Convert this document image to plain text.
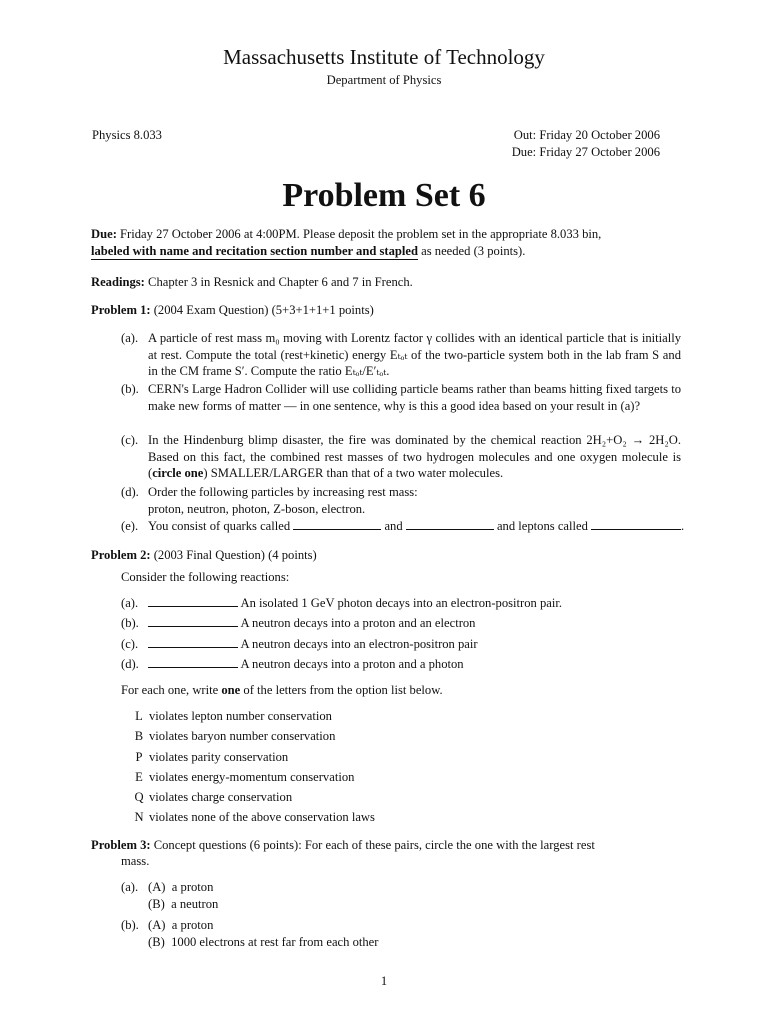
Massachusetts Institute of Technology
Department of Physics
Physics 8.033	Out: Friday 20 October 2006
Due: Friday 27 October 2006
Problem Set 6
Due: Friday 27 October 2006 at 4:00PM. Please deposit the problem set in the appropriate 8.033 bin,
labeled with name and recitation section number and stapled as needed (3 points).
Readings: Chapter 3 in Resnick and Chapter 6 and 7 in French.
Problem 1: (2004 Exam Question) (5+3+1+1+1 points)
(a). A particle of rest mass m₀ moving with Lorentz factor γ collides with an identical particle that is initially at rest. Compute the total (rest+kinetic) energy Eₜₒₜ of the two-particle system both in the lab fram S and in the CM frame S′. Compute the ratio Eₜₒₜ/E′ₜₒₜ.
(b). CERN's Large Hadron Collider will use colliding particle beams rather than beams hitting fixed targets to make new forms of matter — in one sentence, why is this a good idea based on your result in (a)?
(c). In the Hindenburg blimp disaster, the fire was dominated by the chemical reaction 2H₂+O₂ → 2H₂O. Based on this fact, the combined rest masses of two hydrogen molecules and one oxygen molecule is (circle one) SMALLER/LARGER than that of a two water molecules.
(d). Order the following particles by increasing rest mass:
proton, neutron, photon, Z-boson, electron.
(e). You consist of quarks called	and	and leptons called	.
Problem 2: (2003 Final Question) (4 points)
Consider the following reactions:
(a).	An isolated 1 GeV photon decays into an electron-positron pair.
(b).	A neutron decays into a proton and an electron
(c).	A neutron decays into an electron-positron pair
(d).	A neutron decays into a proton and a photon
For each one, write one of the letters from the option list below.
L violates lepton number conservation
B violates baryon number conservation
P violates parity conservation
E violates energy-momentum conservation
Q violates charge conservation
N violates none of the above conservation laws
Problem 3: Concept questions (6 points): For each of these pairs, circle the one with the largest rest
mass.
(a). (A) a proton
(B) a neutron
(b). (A) a proton
(B) 1000 electrons at rest far from each other
1
